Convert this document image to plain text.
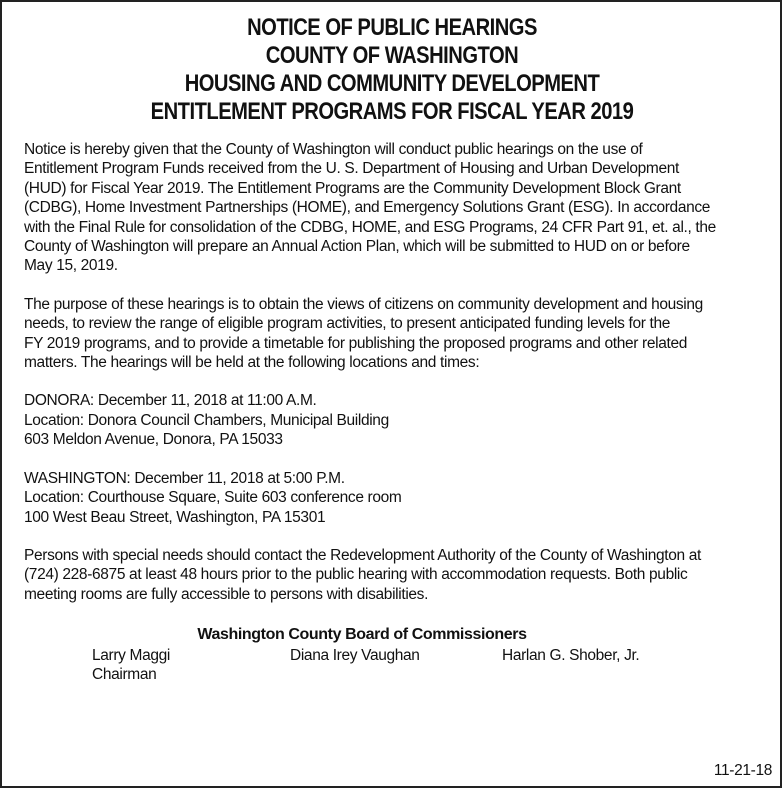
NOTICE OF PUBLIC HEARINGS
COUNTY OF WASHINGTON
HOUSING AND COMMUNITY DEVELOPMENT
ENTITLEMENT PROGRAMS FOR FISCAL YEAR 2019

Notice is hereby given that the County of Washington will conduct public hearings on the use of
Entitlement Program Funds received from the U. S. Department of Housing and Urban Development
(HUD) for Fiscal Year 2019. The Entitlement Programs are the Community Development Block Grant
(CDBG), Home Investment Partnerships (HOME), and Emergency Solutions Grant (ESG). In accordance
with the Final Rule for consolidation of the CDBG, HOME, and ESG Programs, 24 CFR Part 91, et. al., the
County of Washington will prepare an Annual Action Plan, which will be submitted to HUD on or before
May 15, 2019.

The purpose of these hearings is to obtain the views of citizens on community development and housing
needs, to review the range of eligible program activities, to present anticipated funding levels for the
FY 2019 programs, and to provide a timetable for publishing the proposed programs and other related
matters. The hearings will be held at the following locations and times:

DONORA: December 11, 2018 at 11:00 A.M.
Location: Donora Council Chambers, Municipal Building
603 Meldon Avenue, Donora, PA 15033
WASHINGTON: December 11, 2018 at 5:00 P.M.
Location: Courthouse Square, Suite 603 conference room
100 West Beau Street, Washington, PA 15301

Persons with special needs should contact the Redevelopment Authority of the County of Washington at
(724) 228-6875 at least 48 hours prior to the public hearing with accommodation requests. Both public
meeting rooms are fully accessible to persons with disabilities.

Washington County Board of Commissioners
Larry Maggi	Diana Irey Vaughan	Harlan G. Shober, Jr.
Chairman
11-21-18
